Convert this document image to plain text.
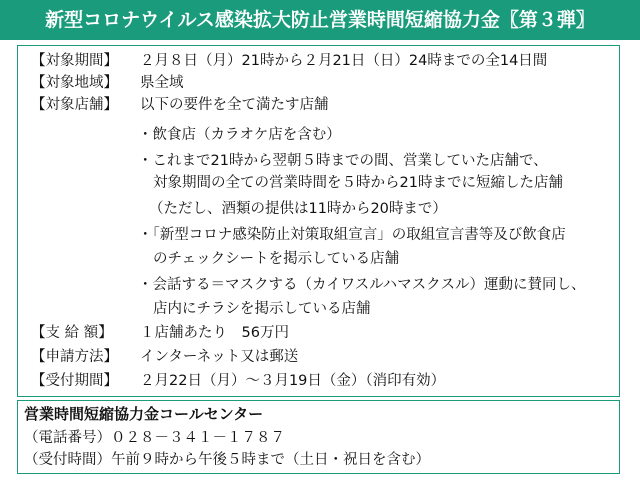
新型コロナウイルス感染拡大防止営業時間短縮協力金〖第３弾〗
【対象期間】 ２月８日（月）21時から２月21日（日）24時までの全14日間
【対象地域】 県全域
【対象店舗】 以下の要件を全て満たす店舗
・飲食店（カラオケ店を含む）
・これまで21時から翌朝５時までの間、営業していた店舗で、
対象期間の全ての営業時間を５時から21時までに短縮した店舗
（ただし、酒類の提供は11時から20時まで）
・「新型コロナ感染防止対策取組宣言」の取組宣言書等及び飲食店
のチェックシートを掲示している店舗
・会話する＝マスクする（カイワスルハマスクスル）運動に賛同し、
店内にチラシを掲示している店舗
【支 給 額】 １店舗あたり　56万円
【申請方法】 インターネット又は郵送
【受付期間】 ２月22日（月）～３月19日（金）（消印有効）
営業時間短縮協力金コールセンター
（電話番号）０２８－３４１－１７８７
（受付時間）午前９時から午後５時まで（土日・祝日を含む）
